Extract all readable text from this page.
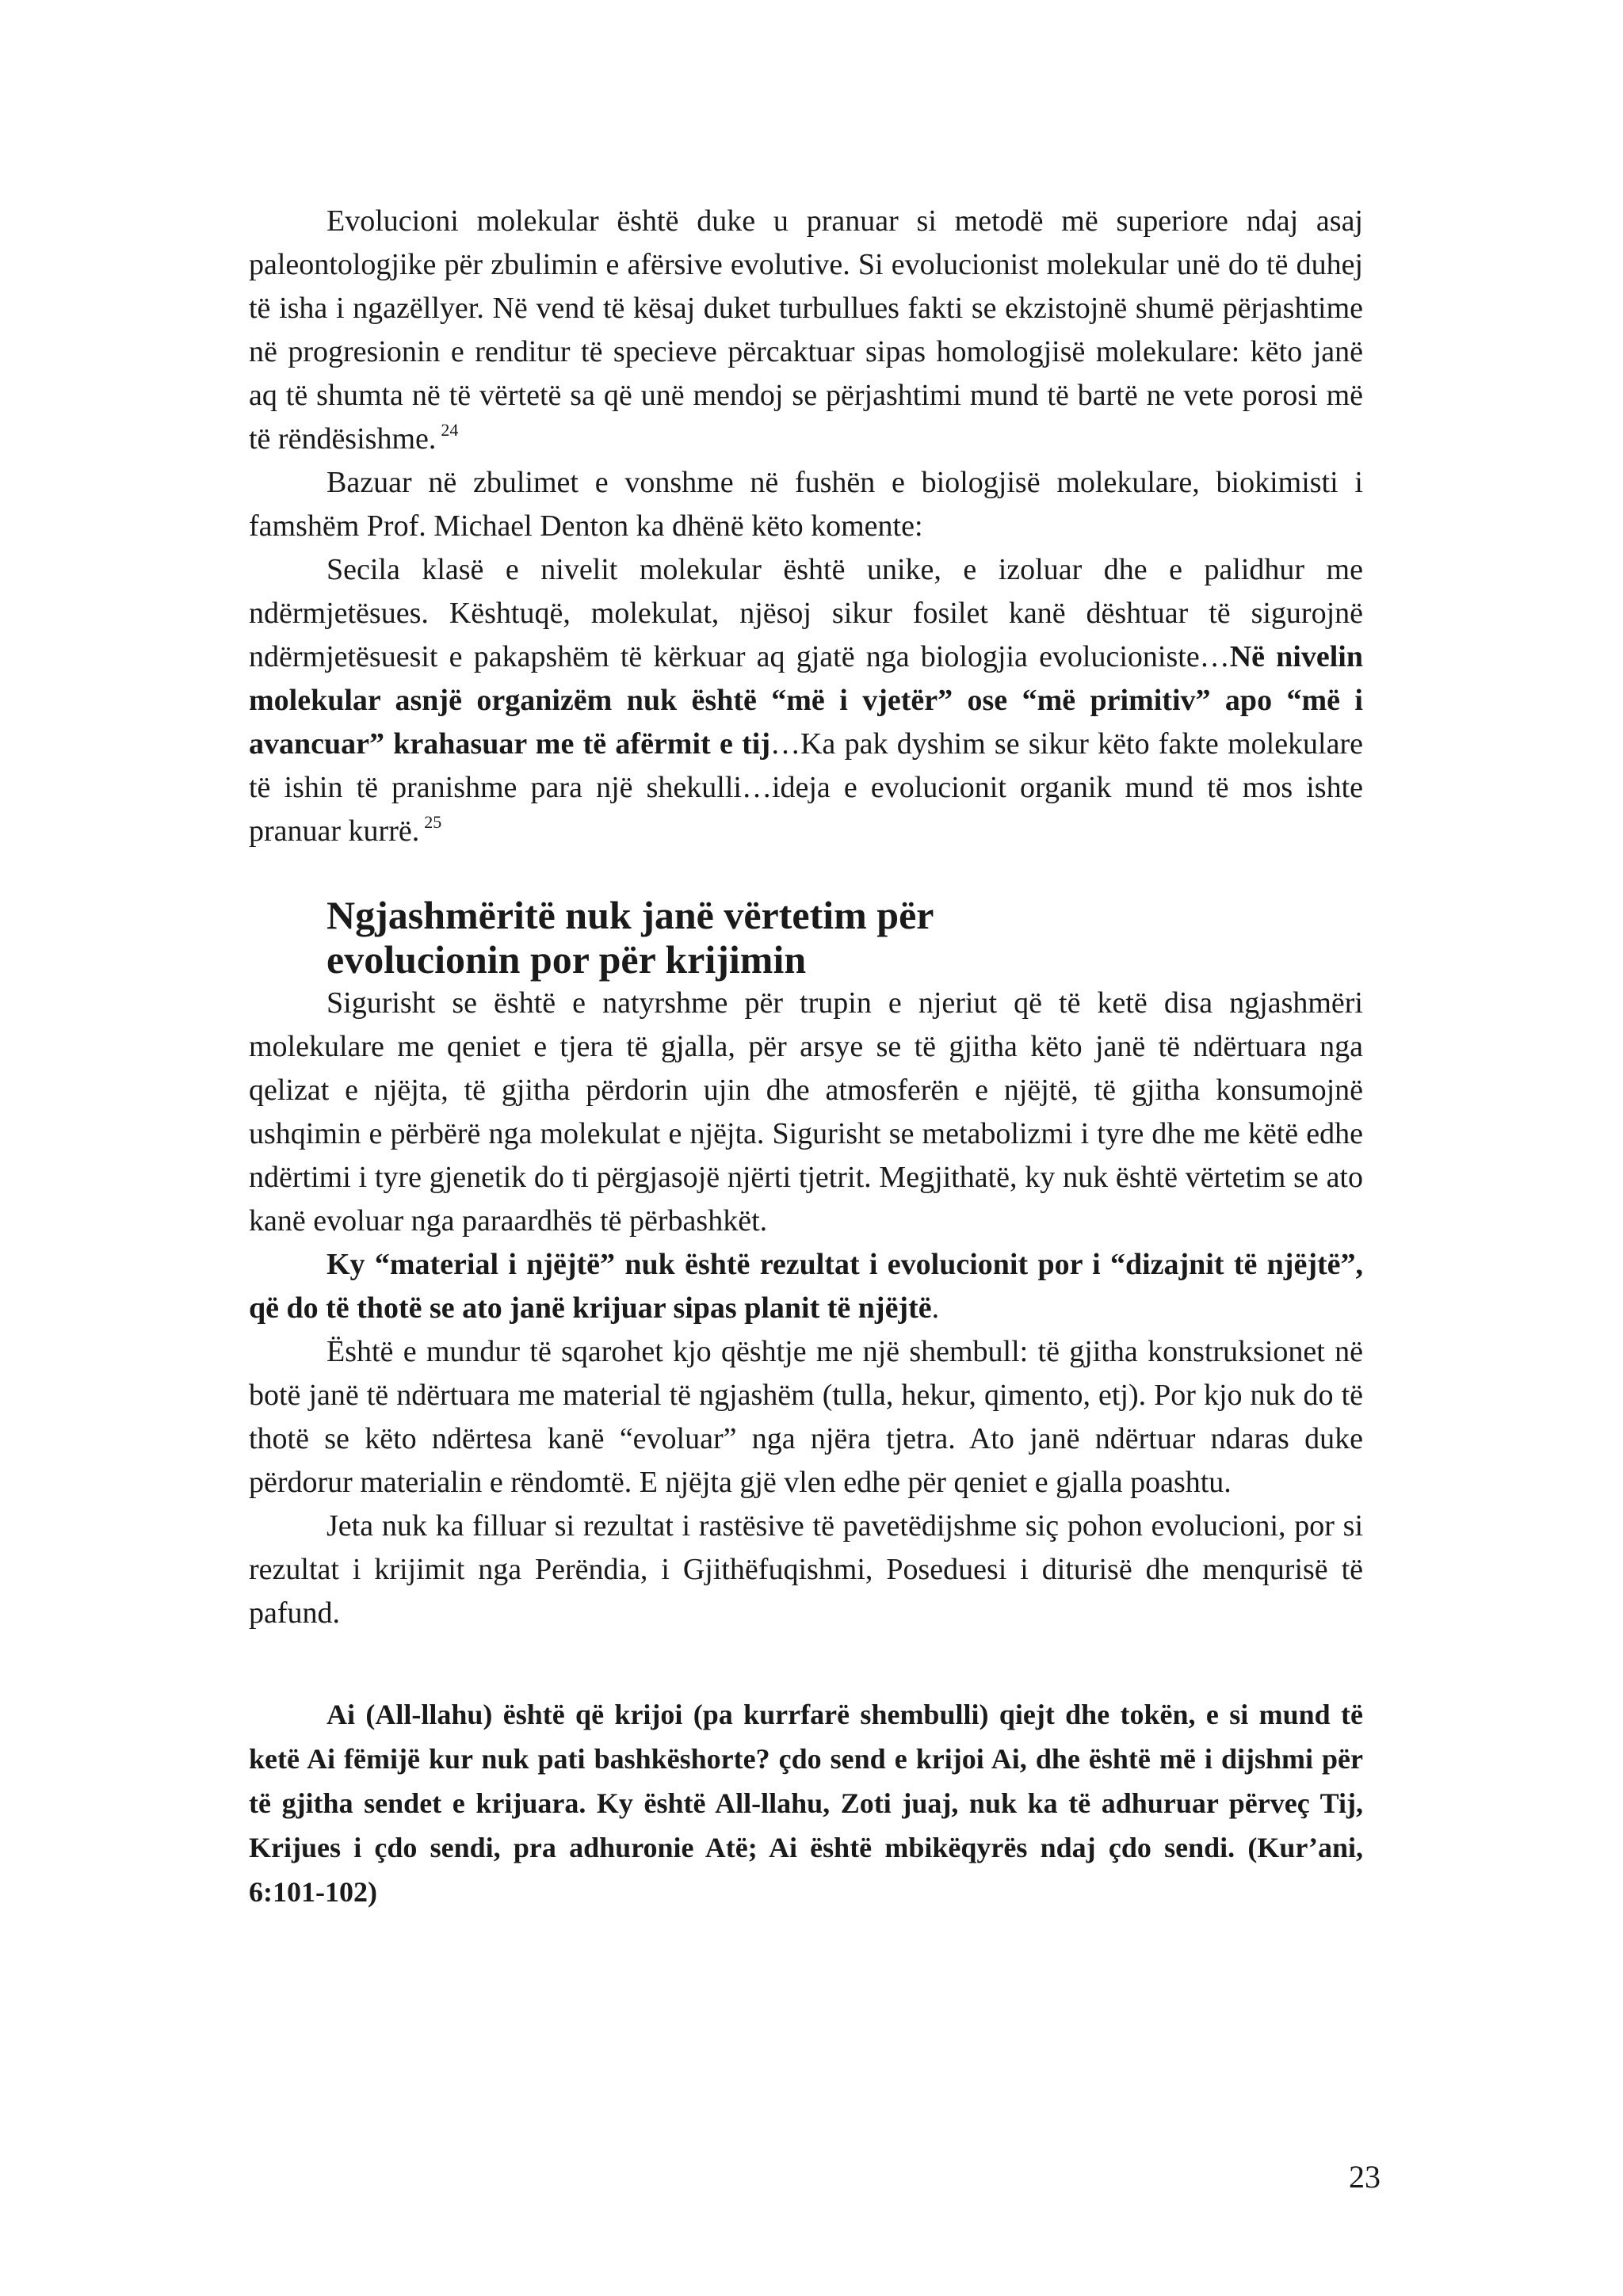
Evolucioni molekular është duke u pranuar si metodë më superiore ndaj asaj paleontologjike për zbulimin e afërsive evolutive. Si evolucionist molekular unë do të duhej të isha i ngazëllyer. Në vend të kësaj duket turbullues fakti se ekzistojnë shumë përjashtime në progresionin e renditur të specieve përcaktuar sipas homologjisë molekulare: këto janë aq të shumta në të vërtetë sa që unë mendoj se përjashtimi mund të bartë ne vete porosi më të rëndësishme. $^{24}$

Bazuar në zbulimet e vonshme në fushën e biologjisë molekulare, biokimisti i famshëm Prof. Michael Denton ka dhënë këto komente:

Secila klasë e nivelit molekular është unike, e izoluar dhe e palidhur me ndërmjetësues. Kështuqë, molekulat, njësoj sikur fosilet kanë dështuar të sigurojnë ndërmjetësuesit e pakapshëm të kërkuar aq gjatë nga biologjia evolucioniste…Në nivelin molekular asnjë organizëm nuk është “më i vjetër” ose “më primitiv” apo “më i avancuar” krahasuar me të afërmit e tij…Ka pak dyshim se sikur këto fakte molekulare të ishin të pranishme para një shekulli…ideja e evolucionit organik mund të mos ishte pranuar kurrë. $^{25}$

Ngjashmëritë nuk janë vërtetim për
evolucionin por për krijimin

Sigurisht se është e natyrshme për trupin e njeriut që të ketë disa ngjashmëri molekulare me qeniet e tjera të gjalla, për arsye se të gjitha këto janë të ndërtuara nga qelizat e njëjta, të gjitha përdorin ujin dhe atmosferën e njëjtë, të gjitha konsumojnë ushqimin e përbërë nga molekulat e njëjta. Sigurisht se metabolizmi i tyre dhe me këtë edhe ndërtimi i tyre gjenetik do ti përgjasojë njërti tjetrit. Megjithatë, ky nuk është vërtetim se ato kanë evoluar nga paraardhës të përbashkët.

Ky “material i njëjtë” nuk është rezultat i evolucionit por i “dizajnit të njëjtë”, që do të thotë se ato janë krijuar sipas planit të njëjtë.

Është e mundur të sqarohet kjo qështje me një shembull: të gjitha konstruksionet në botë janë të ndërtuara me material të ngjashëm (tulla, hekur, qimento, etj). Por kjo nuk do të thotë se këto ndërtesa kanë “evoluar” nga njëra tjetra. Ato janë ndërtuar ndaras duke përdorur materialin e rëndomtë. E njëjta gjë vlen edhe për qeniet e gjalla poashtu.

Jeta nuk ka filluar si rezultat i rastësive të pavetëdijshme siç pohon evolucioni, por si rezultat i krijimit nga Perëndia, i Gjithëfuqishmi, Poseduesi i diturisë dhe menqurisë të pafund.

Ai (All-llahu) është që krijoi (pa kurrfarë shembulli) qiejt dhe tokën, e si mund të ketë Ai fëmijë kur nuk pati bashkëshorte? çdo send e krijoi Ai, dhe është më i dijshmi për të gjitha sendet e krijuara. Ky është All-llahu, Zoti juaj, nuk ka të adhuruar përveç Tij, Krijues i çdo sendi, pra adhuronie Atë; Ai është mbikëqyrës ndaj çdo sendi. (Kur’ani, 6:101-102)

23
